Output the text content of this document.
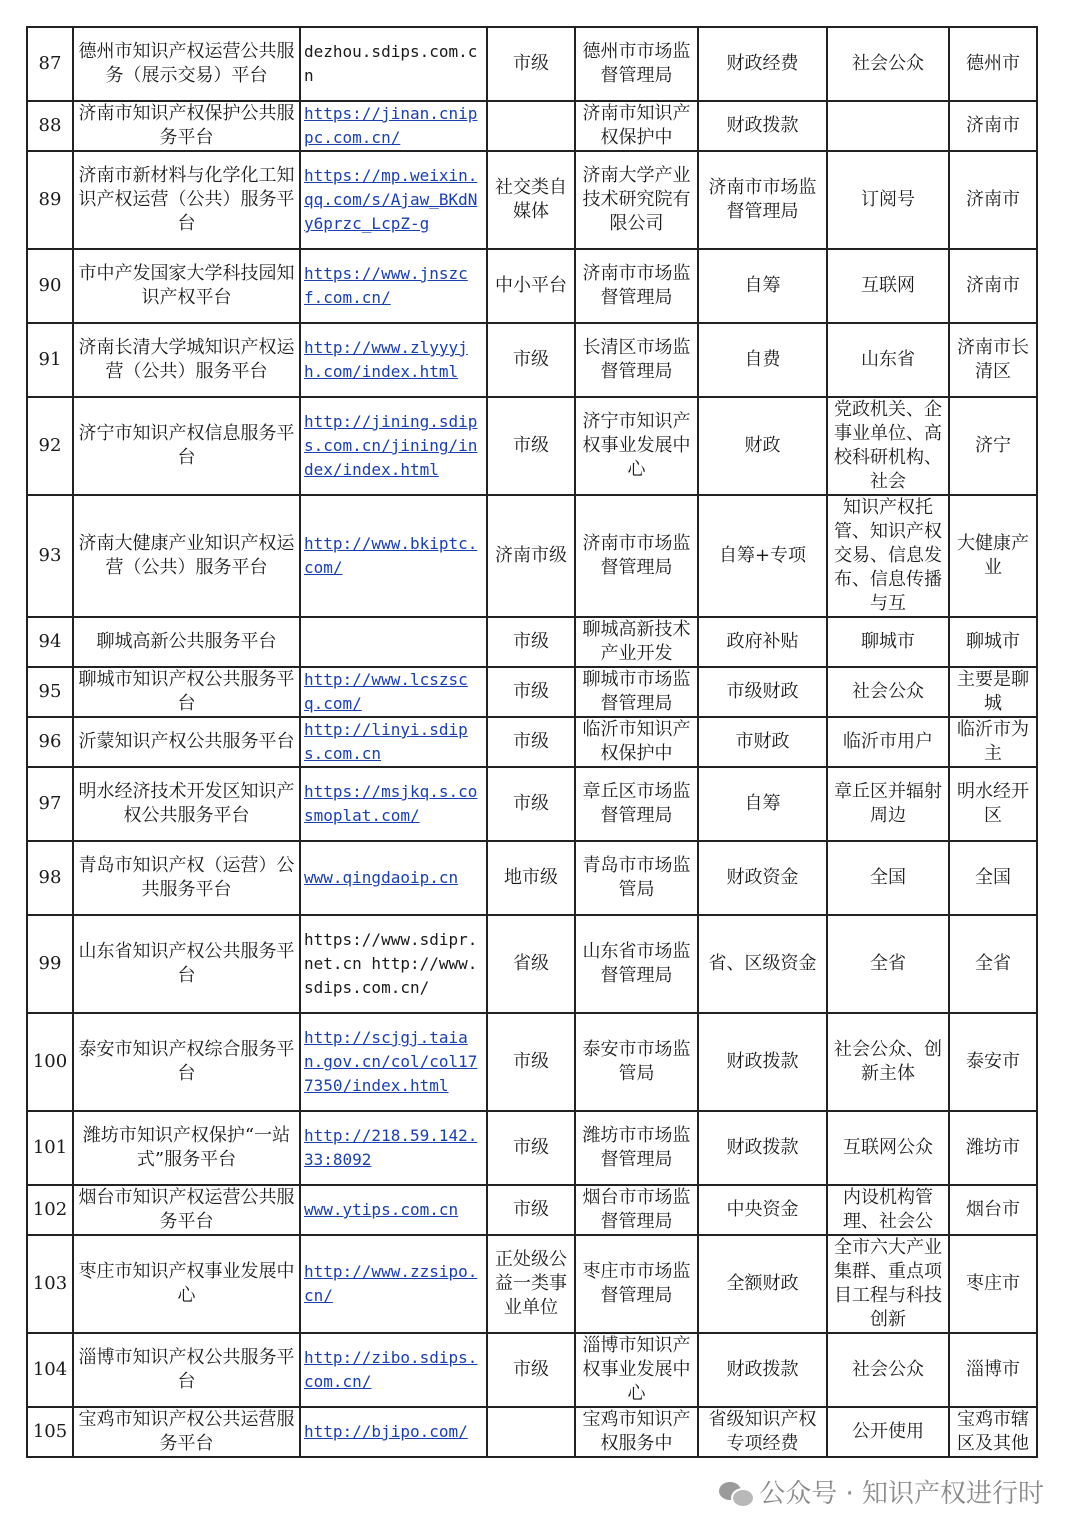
87	德州市知识产权运营公共服务（展示交易）平台	dezhou.sdips.com.cn	市级	德州市市场监督管理局	财政经费	社会公众	德州市

88	济南市知识产权保护公共服务平台	https://jinan.cnippc.com.cn/		济南市知识产权保护中	财政拨款		济南市

89	济南市新材料与化学化工知识产权运营（公共）服务平台	https://mp.weixin.qq.com/s/Ajaw_BKdNy6przc_LcpZ-g	社交类自媒体	济南大学产业技术研究院有限公司	济南市市场监督管理局	订阅号	济南市

90	市中产发国家大学科技园知识产权平台	https://www.jnszcf.com.cn/	中小平台	济南市市场监督管理局	自筹	互联网	济南市

91	济南长清大学城知识产权运营（公共）服务平台	http://www.zlyyyjh.com/index.html	市级	长清区市场监督管理局	自费	山东省	济南市长清区

92	济宁市知识产权信息服务平台	http://jining.sdips.com.cn/jining/index/index.html	市级	济宁市知识产权事业发展中心	财政	党政机关、企事业单位、高校科研机构、社会	济宁

93	济南大健康产业知识产权运营（公共）服务平台	http://www.bkiptc.com/	济南市级	济南市市场监督管理局	自筹+专项	知识产权托管、知识产权交易、信息发布、信息传播与互	大健康产业

94	聊城高新公共服务平台		市级	聊城高新技术产业开发	政府补贴	聊城市	聊城市

95	聊城市知识产权公共服务平台	http://www.lcszscq.com/	市级	聊城市市场监督管理局	市级财政	社会公众	主要是聊城

96	沂蒙知识产权公共服务平台	http://linyi.sdips.com.cn	市级	临沂市知识产权保护中	市财政	临沂市用户	临沂市为主

97	明水经济技术开发区知识产权公共服务平台	https://msjkq.s.cosmoplat.com/	市级	章丘区市场监督管理局	自筹	章丘区并辐射周边	明水经开区

98	青岛市知识产权（运营）公共服务平台	www.qingdaoip.cn	地市级	青岛市市场监管局	财政资金	全国	全国

99	山东省知识产权公共服务平台	https://www.sdipr.net.cn http://www.sdips.com.cn/	省级	山东省市场监督管理局	省、区级资金	全省	全省

100	泰安市知识产权综合服务平台	http://scjgj.taian.gov.cn/col/col177350/index.html	市级	泰安市市场监管局	财政拨款	社会公众、创新主体	泰安市

101	潍坊市知识产权保护“一站式”服务平台	http://218.59.142.33:8092	市级	潍坊市市场监督管理局	财政拨款	互联网公众	潍坊市

102	烟台市知识产权运营公共服务平台	www.ytips.com.cn	市级	烟台市市场监督管理局	中央资金	内设机构管理、社会公	烟台市

103	枣庄市知识产权事业发展中心	http://www.zzsipo.cn/	正处级公益一类事业单位	枣庄市市场监督管理局	全额财政	全市六大产业集群、重点项目工程与科技创新	枣庄市

104	淄博市知识产权公共服务平台	http://zibo.sdips.com.cn/	市级	淄博市知识产权事业发展中心	财政拨款	社会公众	淄博市

105	宝鸡市知识产权公共运营服务平台	http://bjipo.com/		宝鸡市知识产权服务中	省级知识产权专项经费	公开使用	宝鸡市辖区及其他
公众号 · 知识产权进行时
